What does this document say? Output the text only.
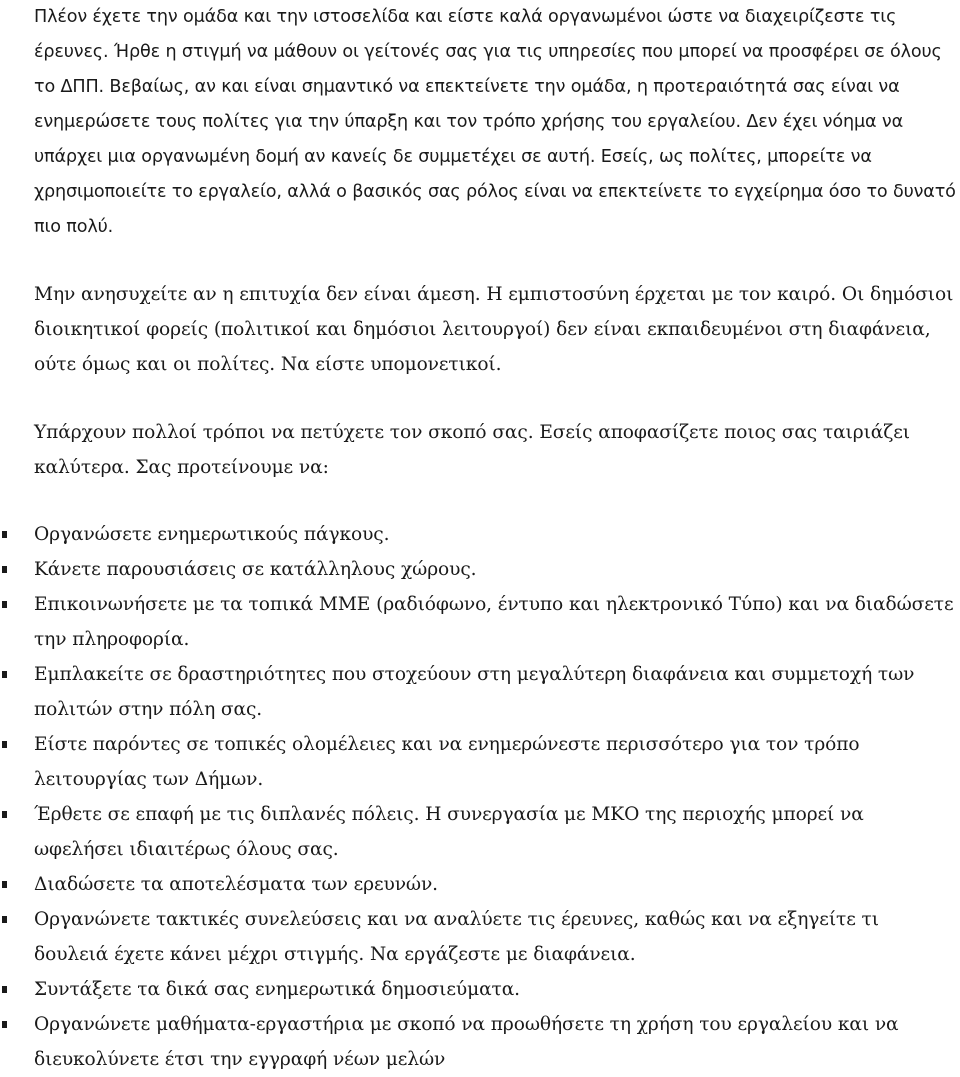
Πλέον έχετε την ομάδα και την ιστοσελίδα και είστε καλά οργανωμένοι ώστε να διαχειρίζεστε τις έρευνες. Ήρθε η στιγμή να μάθουν οι γείτονές σας για τις υπηρεσίες που μπορεί να προσφέρει σε όλους το ΔΠΠ. Βεβαίως, αν και είναι σημαντικό να επεκτείνετε την ομάδα, η προτεραιότητά σας είναι να ενημερώσετε τους πολίτες για την ύπαρξη και τον τρόπο χρήσης του εργαλείου. Δεν έχει νόημα να υπάρχει μια οργανωμένη δομή αν κανείς δε συμμετέχει σε αυτή. Εσείς, ως πολίτες, μπορείτε να χρησιμοποιείτε το εργαλείο, αλλά ο βασικός σας ρόλος είναι να επεκτείνετε το εγχείρημα όσο το δυνατό πιο πολύ.

Μην ανησυχείτε αν η επιτυχία δεν είναι άμεση. Η εμπιστοσύνη έρχεται με τον καιρό. Οι δημόσιοι διοικητικοί φορείς (πολιτικοί και δημόσιοι λειτουργοί) δεν είναι εκπαιδευμένοι στη διαφάνεια, ούτε όμως και οι πολίτες. Να είστε υπομονετικοί.

Υπάρχουν πολλοί τρόποι να πετύχετε τον σκοπό σας. Εσείς αποφασίζετε ποιος σας ταιριάζει καλύτερα. Σας προτείνουμε να:

Οργανώσετε ενημερωτικούς πάγκους.
Κάνετε παρουσιάσεις σε κατάλληλους χώρους.
Επικοινωνήσετε με τα τοπικά ΜΜΕ (ραδιόφωνο, έντυπο και ηλεκτρονικό Τύπο) και να διαδώσετε την πληροφορία.
Εμπλακείτε σε δραστηριότητες που στοχεύουν στη μεγαλύτερη διαφάνεια και συμμετοχή των πολιτών στην πόλη σας.
Είστε παρόντες σε τοπικές ολομέλειες και να ενημερώνεστε περισσότερο για τον τρόπο λειτουργίας των Δήμων.
Έρθετε σε επαφή με τις διπλανές πόλεις. Η συνεργασία με ΜΚΟ της περιοχής μπορεί να ωφελήσει ιδιαιτέρως όλους σας.
Διαδώσετε τα αποτελέσματα των ερευνών.
Οργανώνετε τακτικές συνελεύσεις και να αναλύετε τις έρευνες, καθώς και να εξηγείτε τι δουλειά έχετε κάνει μέχρι στιγμής. Να εργάζεστε με διαφάνεια.
Συντάξετε τα δικά σας ενημερωτικά δημοσιεύματα.
Οργανώνετε μαθήματα-εργαστήρια με σκοπό να προωθήσετε τη χρήση του εργαλείου και να διευκολύνετε έτσι την εγγραφή νέων μελών
